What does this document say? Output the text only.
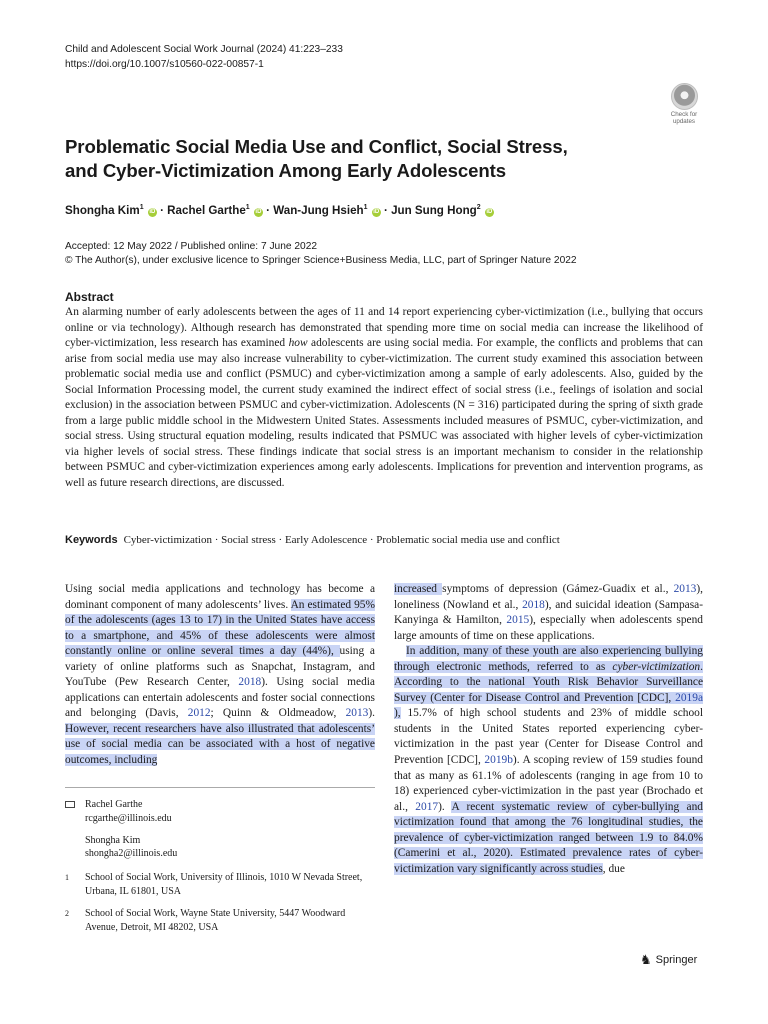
Child and Adolescent Social Work Journal (2024) 41:223–233
https://doi.org/10.1007/s10560-022-00857-1
Check for
updates
Problematic Social Media Use and Conflict, Social Stress, and Cyber-Victimization Among Early Adolescents
Shongha Kim$^1$ iD · Rachel Garthe$^1$ iD · Wan-Jung Hsieh$^1$ iD · Jun Sung Hong$^2$ iD
Accepted: 12 May 2022 / Published online: 7 June 2022
© The Author(s), under exclusive licence to Springer Science+Business Media, LLC, part of Springer Nature 2022
Abstract

An alarming number of early adolescents between the ages of 11 and 14 report experiencing cyber-victimization (i.e., bullying that occurs online or via technology). Although research has demonstrated that spending more time on social media can increase the likelihood of cyber-victimization, less research has examined how adolescents are using social media. For example, the conflicts and problems that can arise from social media use may also increase vulnerability to cyber-victimization. The current study examined this association between problematic social media use and conflict (PSMUC) and cyber-victimization among a sample of early adolescents. Also, guided by the Social Information Processing model, the current study examined the indirect effect of social stress (i.e., feelings of isolation and social exclusion) in the association between PSMUC and cyber-victimization. Adolescents (N = 316) participated during the spring of sixth grade from a large public middle school in the Midwestern United States. Assessments included measures of PSMUC, cyber-victimization, and social stress. Using structural equation modeling, results indicated that PSMUC was associated with higher levels of cyber-victimization via higher levels of social stress. These findings indicate that social stress is an important mechanism to consider in the relationship between PSMUC and cyber-victimization experiences among early adolescents. Implications for prevention and intervention programs, as well as future research directions, are discussed.

Keywords Cyber-victimization · Social stress · Early Adolescence · Problematic social media use and conflict

Using social media applications and technology has become a dominant component of many adolescents’ lives. An estimated 95% of the adolescents (ages 13 to 17) in the United States have access to a smartphone, and 45% of these adolescents were almost constantly online or online several times a day (44%), using a variety of online platforms such as Snapchat, Instagram, and YouTube (Pew Research Center, 2018). Using social media applications can entertain adolescents and foster social connections and belonging (Davis, 2012; Quinn & Oldmeadow, 2013). However, recent researchers have also illustrated that adolescents’ use of social media can be associated with a host of negative outcomes, including

Rachel Garthe
rcgarthe@illinois.edu
Shongha Kim
shongha2@illinois.edu
1	School of Social Work, University of Illinois, 1010 W Nevada Street, Urbana, IL 61801, USA
2	School of Social Work, Wayne State University, 5447 Woodward Avenue, Detroit, MI 48202, USA

increased symptoms of depression (Gámez-Guadix et al., 2013), loneliness (Nowland et al., 2018), and suicidal ideation (Sampasa-Kanyinga & Hamilton, 2015), especially when adolescents spend large amounts of time on these applications.

In addition, many of these youth are also experiencing bullying through electronic methods, referred to as cyber-victimization. According to the national Youth Risk Behavior Surveillance Survey (Center for Disease Control and Prevention [CDC], 2019a ), 15.7% of high school students and 23% of middle school students in the United States reported experiencing cyber-victimization in the past year (Center for Disease Control and Prevention [CDC], 2019b). A scoping review of 159 studies found that as many as 61.1% of adolescents (ranging in age from 10 to 18) experienced cyber-victimization in the past year (Brochado et al., 2017). A recent systematic review of cyber-bullying and victimization found that among the 76 longitudinal studies, the prevalence of cyber-victimization ranged between 1.9 to 84.0% (Camerini et al., 2020). Estimated prevalence rates of cyber-victimization vary significantly across studies, due

♞ Springer
